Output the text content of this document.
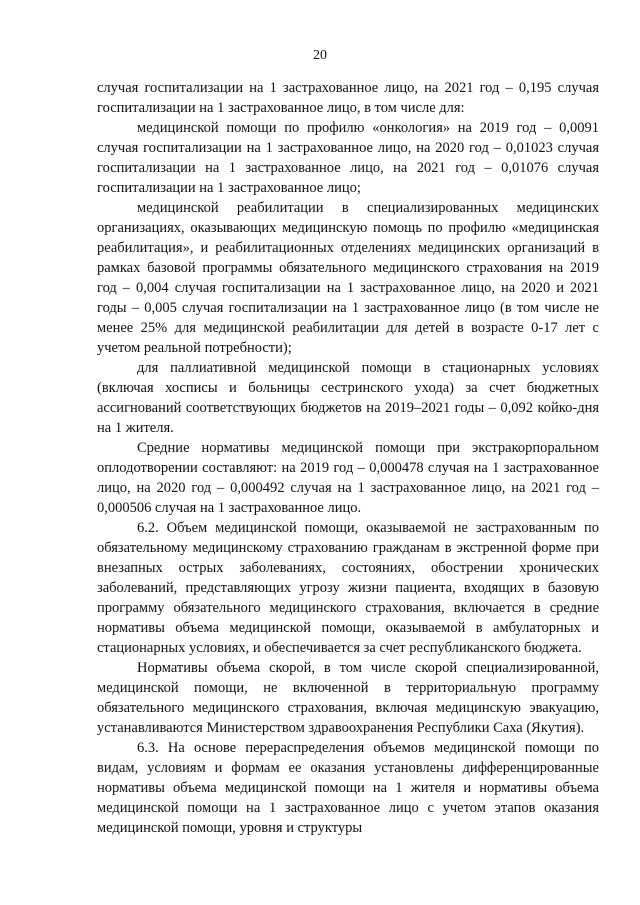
20

случая госпитализации на 1 застрахованное лицо, на 2021 год – 0,195 случая госпитализации на 1 застрахованное лицо, в том числе для:

медицинской помощи по профилю «онкология» на 2019 год – 0,0091 случая госпитализации на 1 застрахованное лицо, на 2020 год – 0,01023 случая госпитализации на 1 застрахованное лицо, на 2021 год – 0,01076 случая госпитализации на 1 застрахованное лицо;

медицинской реабилитации в специализированных медицинских организациях, оказывающих медицинскую помощь по профилю «медицинская реабилитация», и реабилитационных отделениях медицинских организаций в рамках базовой программы обязательного медицинского страхования на 2019 год – 0,004 случая госпитализации на 1 застрахованное лицо, на 2020 и 2021 годы – 0,005 случая госпитализации на 1 застрахованное лицо (в том числе не менее 25% для медицинской реабилитации для детей в возрасте 0-17 лет с учетом реальной потребности);

для паллиативной медицинской помощи в стационарных условиях (включая хосписы и больницы сестринского ухода) за счет бюджетных ассигнований соответствующих бюджетов на 2019–2021 годы – 0,092 койко-дня на 1 жителя.

Средние нормативы медицинской помощи при экстракорпоральном оплодотворении составляют: на 2019 год – 0,000478 случая на 1 застрахованное лицо, на 2020 год – 0,000492 случая на 1 застрахованное лицо, на 2021 год – 0,000506 случая на 1 застрахованное лицо.

6.2. Объем медицинской помощи, оказываемой не застрахованным по обязательному медицинскому страхованию гражданам в экстренной форме при внезапных острых заболеваниях, состояниях, обострении хронических заболеваний, представляющих угрозу жизни пациента, входящих в базовую программу обязательного медицинского страхования, включается в средние нормативы объема медицинской помощи, оказываемой в амбулаторных и стационарных условиях, и обеспечивается за счет республиканского бюджета.

Нормативы объема скорой, в том числе скорой специализированной, медицинской помощи, не включенной в территориальную программу обязательного медицинского страхования, включая медицинскую эвакуацию, устанавливаются Министерством здравоохранения Республики Саха (Якутия).

6.3. На основе перераспределения объемов медицинской помощи по видам, условиям и формам ее оказания установлены дифференцированные нормативы объема медицинской помощи на 1 жителя и нормативы объема медицинской помощи на 1 застрахованное лицо с учетом этапов оказания медицинской помощи, уровня и структуры
